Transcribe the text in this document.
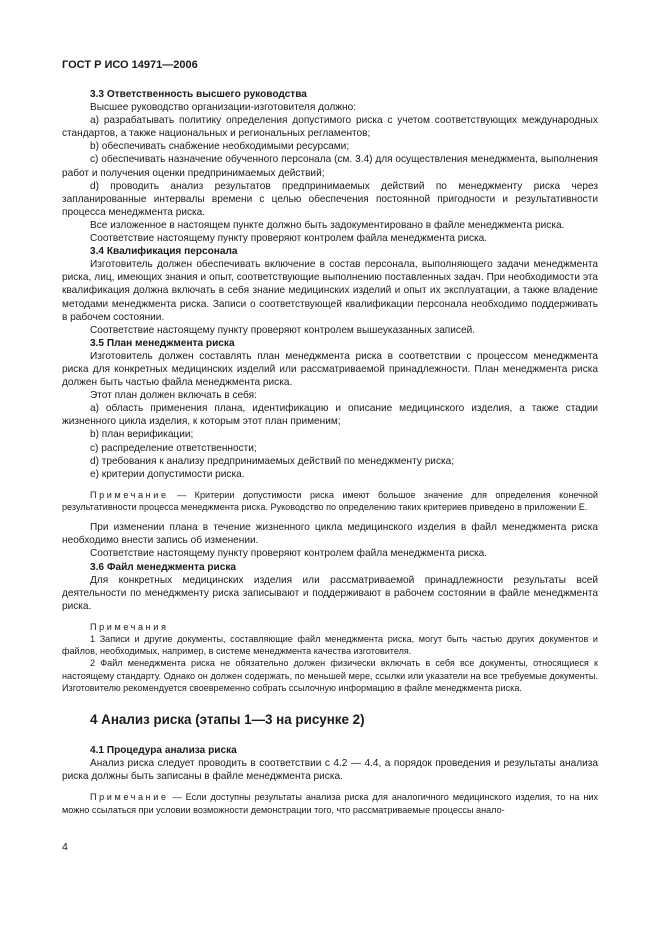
ГОСТ Р ИСО 14971—2006

3.3 Ответственность высшего руководства

Высшее руководство организации-изготовителя должно:

a) разрабатывать политику определения допустимого риска с учетом соответствующих международных стандартов, а также национальных и региональных регламентов;

b) обеспечивать снабжение необходимыми ресурсами;

c) обеспечивать назначение обученного персонала (см. 3.4) для осуществления менеджмента, выполнения работ и получения оценки предпринимаемых действий;

d) проводить анализ результатов предпринимаемых действий по менеджменту риска через запланированные интервалы времени с целью обеспечения постоянной пригодности и результативности процесса менеджмента риска.

Все изложенное в настоящем пункте должно быть задокументировано в файле менеджмента риска.

Соответствие настоящему пункту проверяют контролем файла менеджмента риска.

3.4 Квалификация персонала

Изготовитель должен обеспечивать включение в состав персонала, выполняющего задачи менеджмента риска, лиц, имеющих знания и опыт, соответствующие выполнению поставленных задач. При необходимости эта квалификация должна включать в себя знание медицинских изделий и опыт их эксплуатации, а также владение методами менеджмента риска. Записи о соответствующей квалификации персонала необходимо поддерживать в рабочем состоянии.

Соответствие настоящему пункту проверяют контролем вышеуказанных записей.

3.5 План менеджмента риска

Изготовитель должен составлять план менеджмента риска в соответствии с процессом менеджмента риска для конкретных медицинских изделий или рассматриваемой принадлежности. План менеджмента риска должен быть частью файла менеджмента риска.

Этот план должен включать в себя:

a) область применения плана, идентификацию и описание медицинского изделия, а также стадии жизненного цикла изделия, к которым этот план применим;

b) план верификации;

c) распределение ответственности;

d) требования к анализу предпринимаемых действий по менеджменту риска;

e) критерии допустимости риска.

Примечание — Критерии допустимости риска имеют большое значение для определения конечной результативности процесса менеджмента риска. Руководство по определению таких критериев приведено в приложении Е.

При изменении плана в течение жизненного цикла медицинского изделия в файл менеджмента риска необходимо внести запись об изменении.

Соответствие настоящему пункту проверяют контролем файла менеджмента риска.

3.6 Файл менеджмента риска

Для конкретных медицинских изделия или рассматриваемой принадлежности результаты всей деятельности по менеджменту риска записывают и поддерживают в рабочем состоянии в файле менеджмента риска.

Примечания

1 Записи и другие документы, составляющие файл менеджмента риска, могут быть частью других документов и файлов, необходимых, например, в системе менеджмента качества изготовителя.

2 Файл менеджмента риска не обязательно должен физически включать в себя все документы, относящиеся к настоящему стандарту. Однако он должен содержать, по меньшей мере, ссылки или указатели на все требуемые документы. Изготовителю рекомендуется своевременно собрать ссылочную информацию в файле менеджмента риска.

4 Анализ риска (этапы 1—3 на рисунке 2)

4.1 Процедура анализа риска

Анализ риска следует проводить в соответствии с 4.2 — 4.4, а порядок проведения и результаты анализа риска должны быть записаны в файле менеджмента риска.

Примечание — Если доступны результаты анализа риска для аналогичного медицинского изделия, то на них можно ссылаться при условии возможности демонстрации того, что рассматриваемые процессы анало-

4
